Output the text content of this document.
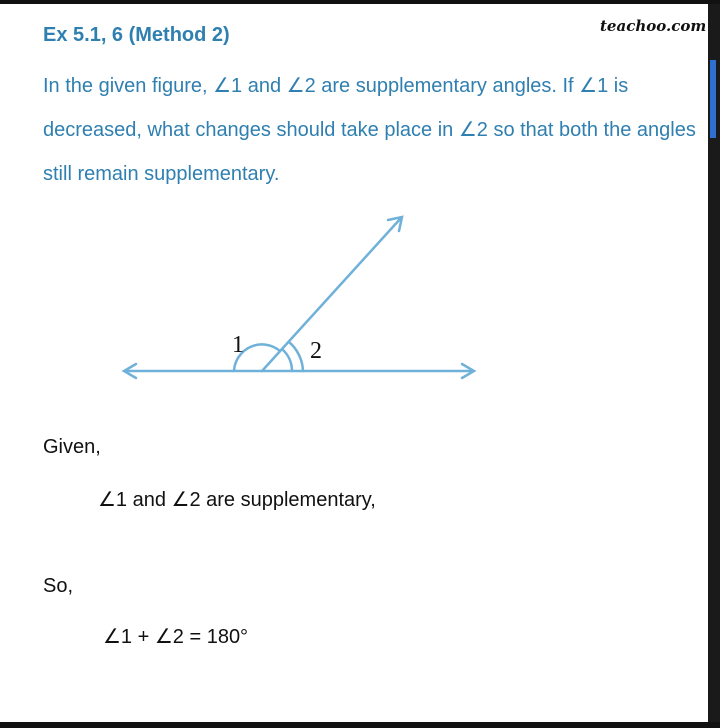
Ex 5.1, 6 (Method 2)	teachoo.com
In the given figure, ∠1 and ∠2 are supplementary angles. If ∠1 is decreased, what changes should take place in ∠2 so that both the angles still remain supplementary.
1	2
Given,
∠1 and ∠2 are supplementary,
So,
∠1 + ∠2 = 180°
